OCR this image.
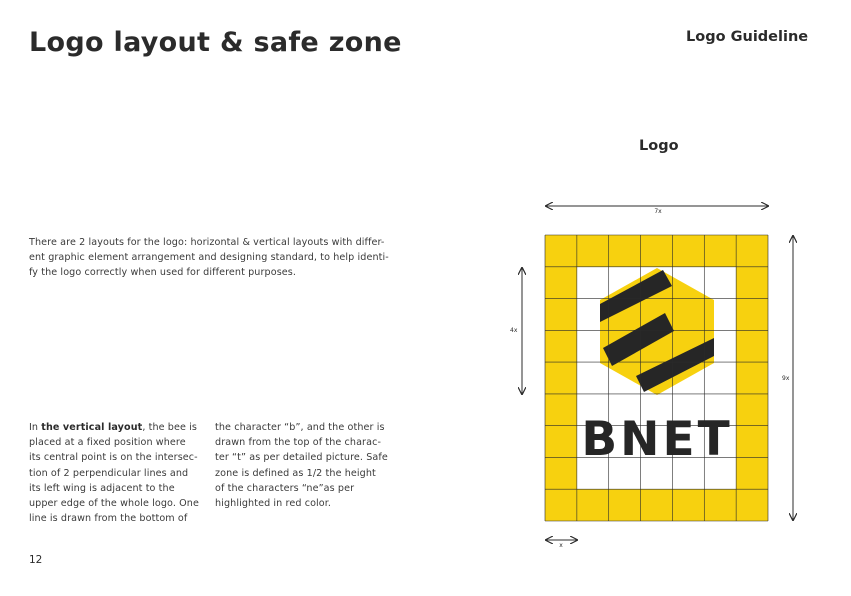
Logo layout & safe zone	Logo Guideline
There are 2 layouts for the logo: horizontal & vertical layouts with differ-
ent graphic element arrangement and designing standard, to help identi-
fy the logo correctly when used for different purposes.
In the vertical layout, the bee is
placed at a fixed position where
its central point is on the intersec-
tion of 2 perpendicular lines and
its left wing is adjacent to the
upper edge of the whole logo. One
line is drawn from the bottom of
the character “b”, and the other is
drawn from the top of the charac-
ter “t” as per detailed picture. Safe
zone is defined as 1/2 the height
of the characters “ne”as per
highlighted in red color.
Logo
BNET
7x
9x
4x
x
12
